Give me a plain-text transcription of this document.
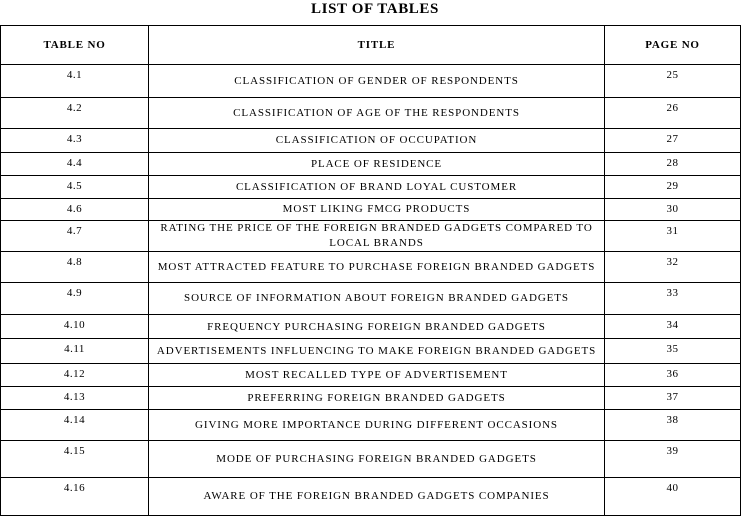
LIST OF TABLES
TABLE NO	TITLE	PAGE NO
4.1	CLASSIFICATION OF GENDER OF RESPONDENTS	25
4.2	CLASSIFICATION OF AGE OF THE RESPONDENTS	26
4.3	CLASSIFICATION OF OCCUPATION	27
4.4	PLACE OF RESIDENCE	28
4.5	CLASSIFICATION OF BRAND LOYAL CUSTOMER	29
4.6	MOST LIKING FMCG PRODUCTS	30
4.7	RATING THE PRICE OF THE FOREIGN BRANDED GADGETS COMPARED TO LOCAL BRANDS	31
4.8	MOST ATTRACTED FEATURE TO PURCHASE FOREIGN BRANDED GADGETS	32
4.9	SOURCE OF INFORMATION ABOUT FOREIGN BRANDED GADGETS	33
4.10	FREQUENCY PURCHASING FOREIGN BRANDED GADGETS	34
4.11	ADVERTISEMENTS INFLUENCING TO MAKE FOREIGN BRANDED GADGETS	35
4.12	MOST RECALLED TYPE OF ADVERTISEMENT	36
4.13	PREFERRING FOREIGN BRANDED GADGETS	37
4.14	GIVING MORE IMPORTANCE DURING DIFFERENT OCCASIONS	38
4.15	MODE OF PURCHASING FOREIGN BRANDED GADGETS	39
4.16	AWARE OF THE FOREIGN BRANDED GADGETS COMPANIES	40
